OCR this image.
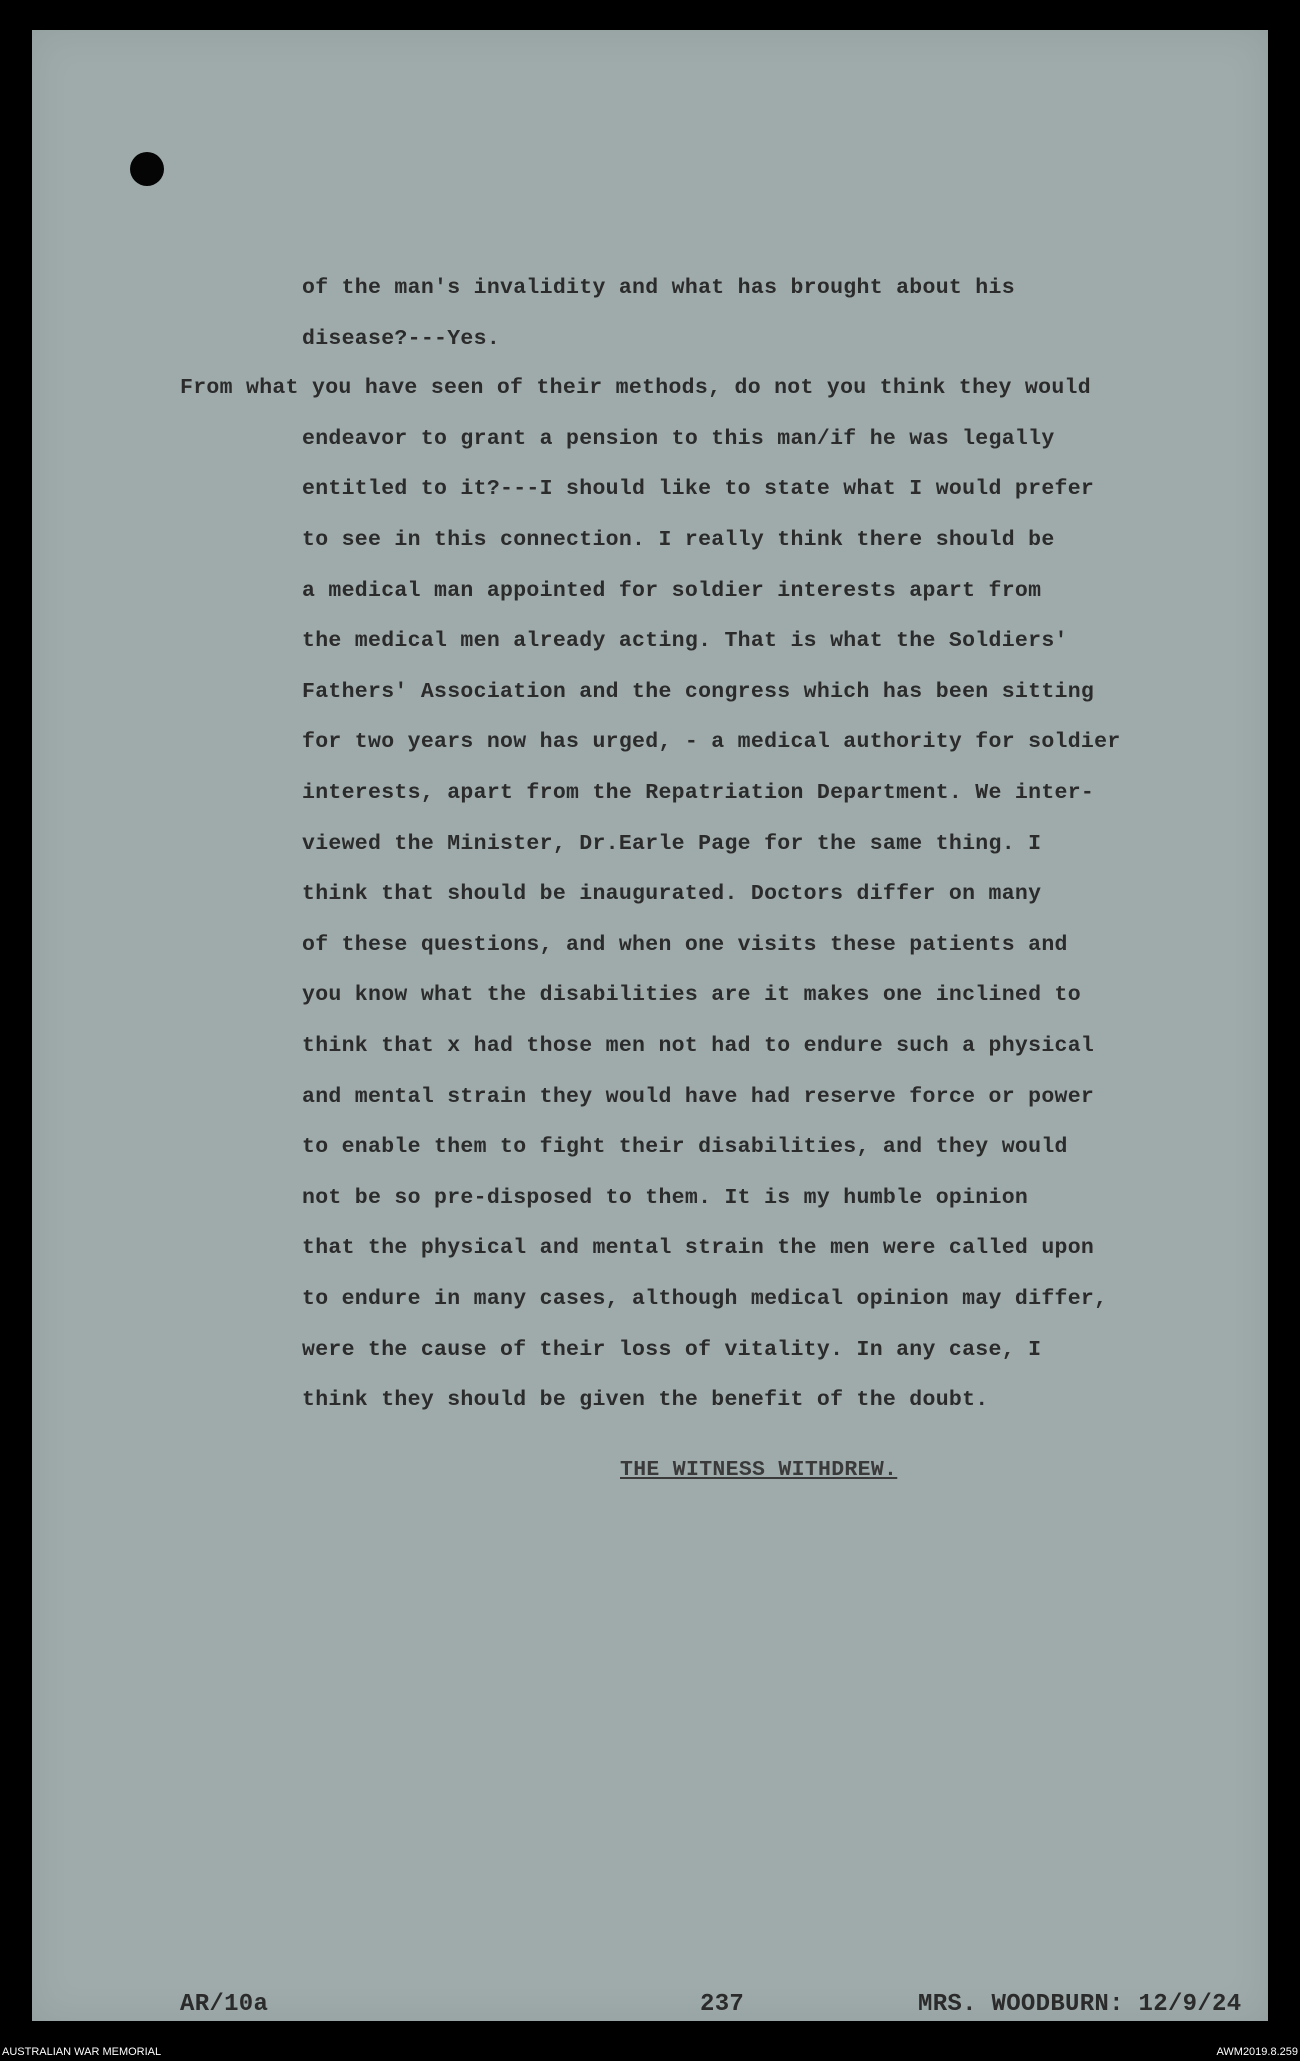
of the man's invalidity and what has brought about his
disease?---Yes.
From what you have seen of their methods, do not you think they would
endeavor to grant a pension to this man/if he was legally
entitled to it?---I should like to state what I would prefer
to see in this connection. I really think there should be
a medical man appointed for soldier interests apart from
the medical men already acting. That is what the Soldiers'
Fathers' Association and the congress which has been sitting
for two years now has urged, - a medical authority for soldier
interests, apart from the Repatriation Department. We inter-
viewed the Minister, Dr.Earle Page for the same thing. I
think that should be inaugurated. Doctors differ on many
of these questions, and when one visits these patients and
you know what the disabilities are it makes one inclined to
think that x had those men not had to endure such a physical
and mental strain they would have had reserve force or power
to enable them to fight their disabilities, and they would
not be so pre-disposed to them. It is my humble opinion
that the physical and mental strain the men were called upon
to endure in many cases, although medical opinion may differ,
were the cause of their loss of vitality. In any case, I
think they should be given the benefit of the doubt.
THE WITNESS WITHDREW.
AR/10a	237	MRS. WOODBURN: 12/9/24
AUSTRALIAN WAR MEMORIAL	AWM2019.8.259
